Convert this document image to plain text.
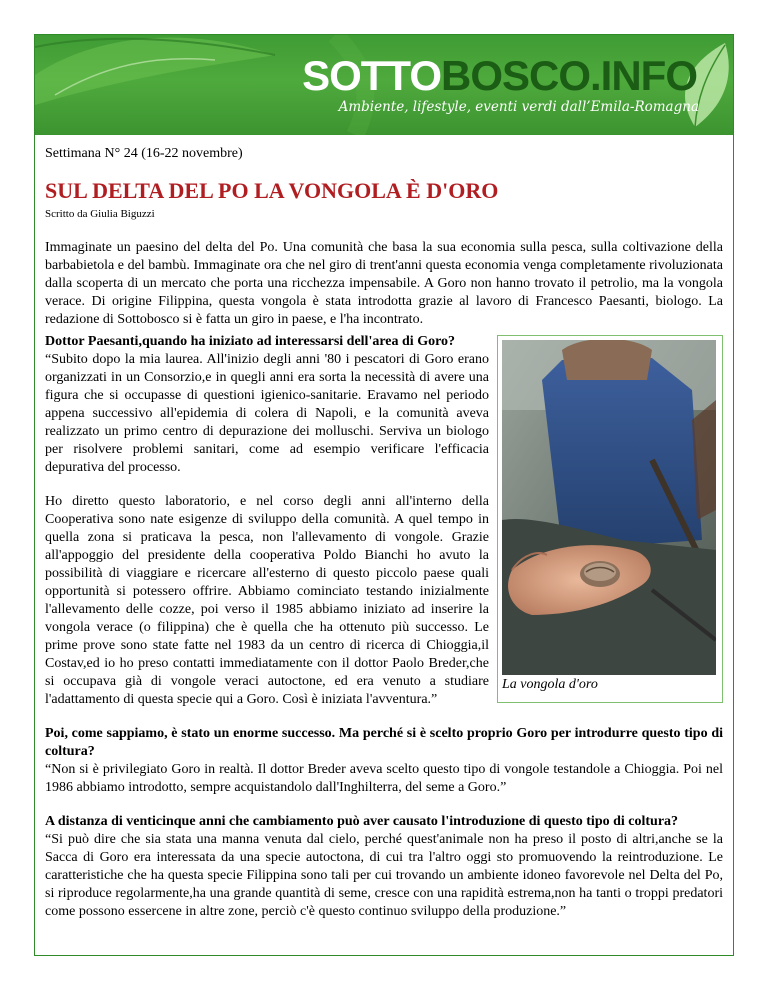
SOTTOBOSCO.INFO
Ambiente, lifestyle, eventi verdi dall’Emila-Romagna
Settimana N° 24 (16-22 novembre)
SUL DELTA DEL PO LA VONGOLA È D'ORO
Scritto da Giulia Biguzzi

Immaginate un paesino del delta del Po. Una comunità che basa la sua economia sulla pesca, sulla coltivazione della barbabietola e del bambù. Immaginate ora che nel giro di trent'anni questa economia venga completamente rivoluzionata dalla scoperta di un mercato che porta una ricchezza impensabile. A Goro non hanno trovato il petrolio, ma la vongola verace. Di origine Filippina, questa vongola è stata introdotta grazie al lavoro di Francesco Paesanti, biologo. La redazione di Sottobosco si è fatta un giro in paese, e l'ha incontrato.

La vongola d'oro

Dottor Paesanti,quando ha iniziato ad interessarsi dell'area di Goro?

“Subito dopo la mia laurea. All'inizio degli anni '80 i pescatori di Goro erano organizzati in un Consorzio,e in quegli anni era sorta la necessità di avere una figura che si occupasse di questioni igienico-sanitarie. Eravamo nel periodo appena successivo all'epidemia di colera di Napoli, e la comunità aveva realizzato un primo centro di depurazione dei molluschi. Serviva un biologo per risolvere problemi sanitari, come ad esempio verificare l'efficacia depurativa del processo.

Ho diretto questo laboratorio, e nel corso degli anni all'interno della Cooperativa sono nate esigenze di sviluppo della comunità. A quel tempo in quella zona si praticava la pesca, non l'allevamento di vongole. Grazie all'appoggio del presidente della cooperativa Poldo Bianchi ho avuto la possibilità di viaggiare e ricercare all'esterno di questo piccolo paese quali opportunità si potessero offrire. Abbiamo cominciato testando inizialmente l'allevamento delle cozze, poi verso il 1985 abbiamo iniziato ad inserire la vongola verace (o filippina) che è quella che ha ottenuto più successo. Le prime prove sono state fatte nel 1983 da un centro di ricerca di Chioggia,il Costav,ed io ho preso contatti immediatamente con il dottor Paolo Breder,che si occupava già di vongole veraci autoctone, ed era venuto a studiare l'adattamento di questa specie qui a Goro. Così è iniziata l'avventura.”

Poi, come sappiamo, è stato un enorme successo. Ma perché si è scelto proprio Goro per introdurre questo tipo di coltura?

“Non si è privilegiato Goro in realtà. Il dottor Breder aveva scelto questo tipo di vongole testandole a Chioggia. Poi nel 1986 abbiamo introdotto, sempre acquistandolo dall'Inghilterra, del seme a Goro.”

A distanza di venticinque anni che cambiamento può aver causato l'introduzione di questo tipo di coltura?

“Si può dire che sia stata una manna venuta dal cielo, perché quest'animale non ha preso il posto di altri,anche se la Sacca di Goro era interessata da una specie autoctona, di cui tra l'altro oggi sto promuovendo la reintroduzione. Le caratteristiche che ha questa specie Filippina sono tali per cui trovando un ambiente idoneo favorevole nel Delta del Po, si riproduce regolarmente,ha una grande quantità di seme, cresce con una rapidità estrema,non ha tanti o troppi predatori come possono essercene in altre zone, perciò c'è questo continuo sviluppo della produzione.”
